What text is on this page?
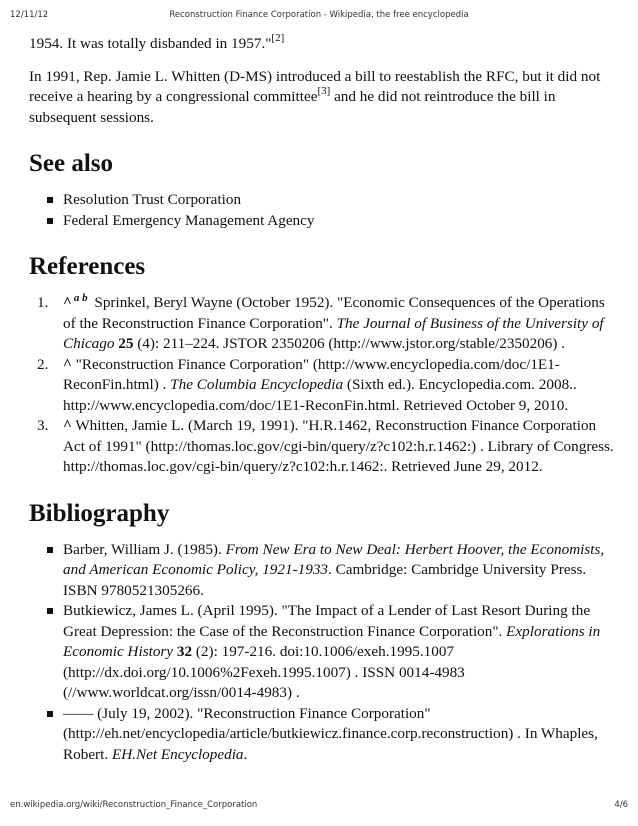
12/11/12	Reconstruction Finance Corporation - Wikipedia, the free encyclopedia

1954. It was totally disbanded in 1957."[2]

In 1991, Rep. Jamie L. Whitten (D-MS) introduced a bill to reestablish the RFC, but it did not receive a hearing by a congressional committee[3] and he did not reintroduce the bill in subsequent sessions.

See also
Resolution Trust Corporation
Federal Emergency Management Agency
References
1. ^ $^{a b}$ Sprinkel, Beryl Wayne (October 1952). "Economic Consequences of the Operations of the Reconstruction Finance Corporation". The Journal of Business of the University of Chicago 25 (4): 211–224. JSTOR 2350206 (http://www.jstor.org/stable/2350206) .
2. ^ "Reconstruction Finance Corporation" (http://www.encyclopedia.com/doc/1E1-ReconFin.html) . The Columbia Encyclopedia (Sixth ed.). Encyclopedia.com. 2008.. http://www.encyclopedia.com/doc/1E1-ReconFin.html. Retrieved October 9, 2010.
3. ^ Whitten, Jamie L. (March 19, 1991). "H.R.1462, Reconstruction Finance Corporation Act of 1991" (http://thomas.loc.gov/cgi-bin/query/z?c102:h.r.1462:) . Library of Congress. http://thomas.loc.gov/cgi-bin/query/z?c102:h.r.1462:. Retrieved June 29, 2012.
Bibliography
Barber, William J. (1985). From New Era to New Deal: Herbert Hoover, the Economists, and American Economic Policy, 1921-1933. Cambridge: Cambridge University Press. ISBN 9780521305266.
Butkiewicz, James L. (April 1995). "The Impact of a Lender of Last Resort During the Great Depression: the Case of the Reconstruction Finance Corporation". Explorations in Economic History 32 (2): 197-216. doi:10.1006/exeh.1995.1007 (http://dx.doi.org/10.1006%2Fexeh.1995.1007) . ISSN 0014-4983 (//www.worldcat.org/issn/0014-4983) .
—— (July 19, 2002). "Reconstruction Finance Corporation" (http://eh.net/encyclopedia/article/butkiewicz.finance.corp.reconstruction) . In Whaples, Robert. EH.Net Encyclopedia.
en.wikipedia.org/wiki/Reconstruction_Finance_Corporation	4/6
